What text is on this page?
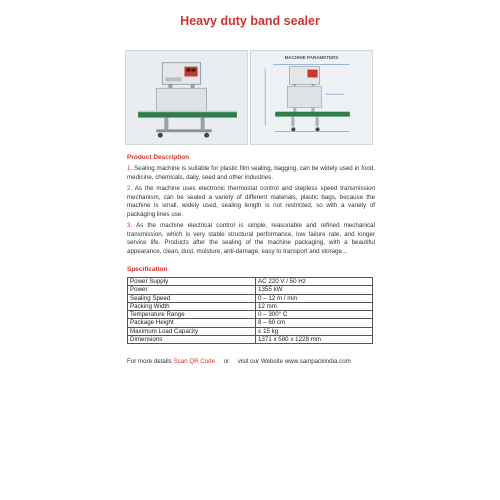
Heavy duty band sealer
MACHINE PARAMETERS
Product Description
1. Sealing machine is suitable for plastic film sealing, bagging, can be widely used in food, medicine, chemicals, daily, seed and other industries.
2. As the machine uses electronic thermostat control and stepless speed transmission mechanism, can be sealed a variety of different materials, plastic bags, because the machine is small, widely used, sealing length is not restricted, so with a variety of packaging lines use.
3. As the machine electrical control is simple, reasonable and refined mechanical transmission, which is very stable structural performance, low failure rate, and longer service life. Products after the sealing of the machine packaging, with a beautiful appearance, clean, dust, moisture, anti-damage, easy to transport and storage...
Specification
Power Supply	AC 220 V / 50 Hz
Power	1355 kW
Sealing Speed	0 – 12 m / min
Packing Width	12 mm
Temperature Range	0 – 300° C
Package Height	8 – 60 cm
Maximum Load Capacity	≤ 15 kg
Dimensions	1371 x 580 x 1228 mm
For more details Scan QR Code or visit our Website www.sampackindia.com
